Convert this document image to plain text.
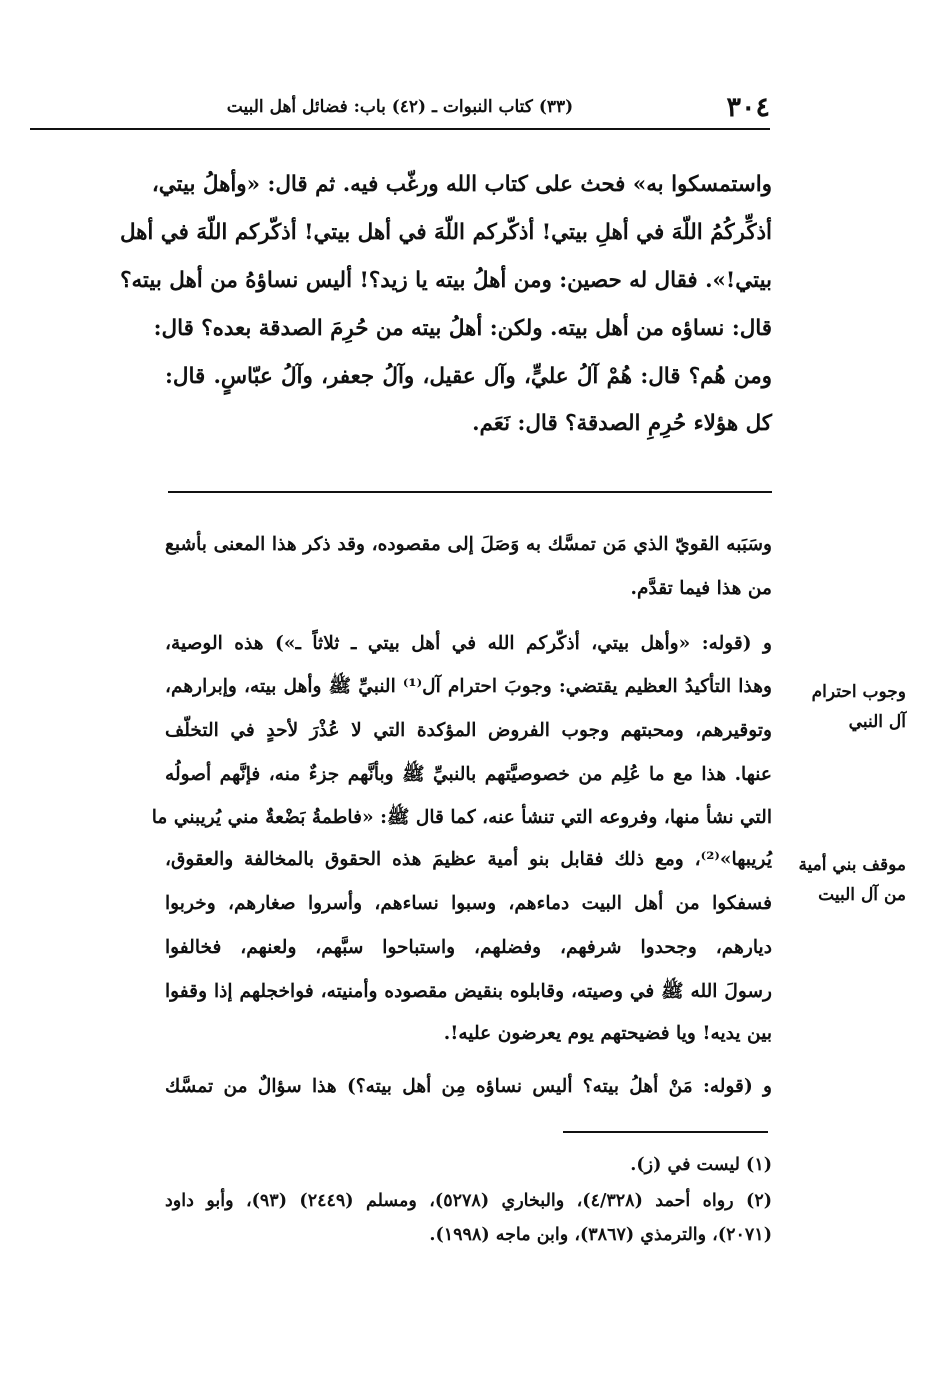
٣٠٤
(٣٣) كتاب النبوات ـ (٤٢) باب: فضائل أهل البيت
واستمسكوا به» فحث على كتاب الله ورغّب فيه. ثم قال: «وأهلُ بيتي،
أذكِّركُمُ اللّهَ في أهلِ بيتي! أذكّركم اللّهَ في أهل بيتي! أذكّركم اللّهَ في أهل
بيتي!». فقال له حصين: ومن أهلُ بيته يا زيد؟! أليس نساؤهُ من أهل بيته؟
قال: نساؤه من أهل بيته. ولكن: أهلُ بيته من حُرِمَ الصدقة بعده؟ قال:
ومن هُم؟ قال: هُمْ آلُ عليٍّ، وآل عقيل، وآلُ جعفر، وآلُ عبّاسٍ. قال:
كل هؤلاء حُرِمِ الصدقة؟ قال: نَعَم.
وسَبَبه القويّ الذي مَن تمسَّك به وَصَلَ إلى مقصوده، وقد ذكر هذا المعنى بأشبع
من هذا فيما تقدَّم.
و (قوله: «وأهل بيتي، أذكّركم الله في أهل بيتي ـ ثلاثاً ـ») هذه الوصية،
وهذا التأكيدُ العظيم يقتضي: وجوبَ احترام آل⁽¹⁾ النبيِّ ﷺ وأهل بيته، وإبرارهم،
وتوقيرهم، ومحبتهم وجوب الفروض المؤكدة التي لا عُذْرَ لأحدٍ في التخلّف
عنها. هذا مع ما عُلِم من خصوصيَّتهم بالنبيِّ ﷺ وبأنَّهم جزءٌ منه، فإنَّهم أصولُه
التي نشأ منها، وفروعه التي تنشأ عنه، كما قال ﷺ: «فاطمةُ بَضْعةٌ مني يُريبني ما
يُريبها»⁽²⁾، ومع ذلك فقابل بنو أمية عظيمَ هذه الحقوق بالمخالفة والعقوق،
فسفكوا من أهل البيت دماءهم، وسبوا نساءهم، وأسروا صغارهم، وخربوا
ديارهم، وجحدوا شرفهم، وفضلهم، واستباحوا سبَّهم، ولعنهم، فخالفوا
رسولَ الله ﷺ في وصيته، وقابلوه بنقيض مقصوده وأمنيته، فواخجلهم إذا وقفوا
بين يديه! ويا فضيحتهم يوم يعرضون عليه!.
و (قوله: مَنْ أهلُ بيته؟ أليس نساؤه مِن أهل بيته؟) هذا سؤالٌ من تمسَّك
وجوب احترام
آل النبي
موقف بني أمية
من آل البيت
(١) ليست في (ز).
(٢) رواه أحمد (٤/٣٢٨)، والبخاري (٥٢٧٨)، ومسلم (٢٤٤٩) (٩٣)، وأبو داود
(٢٠٧١)، والترمذي (٣٨٦٧)، وابن ماجه (١٩٩٨).
